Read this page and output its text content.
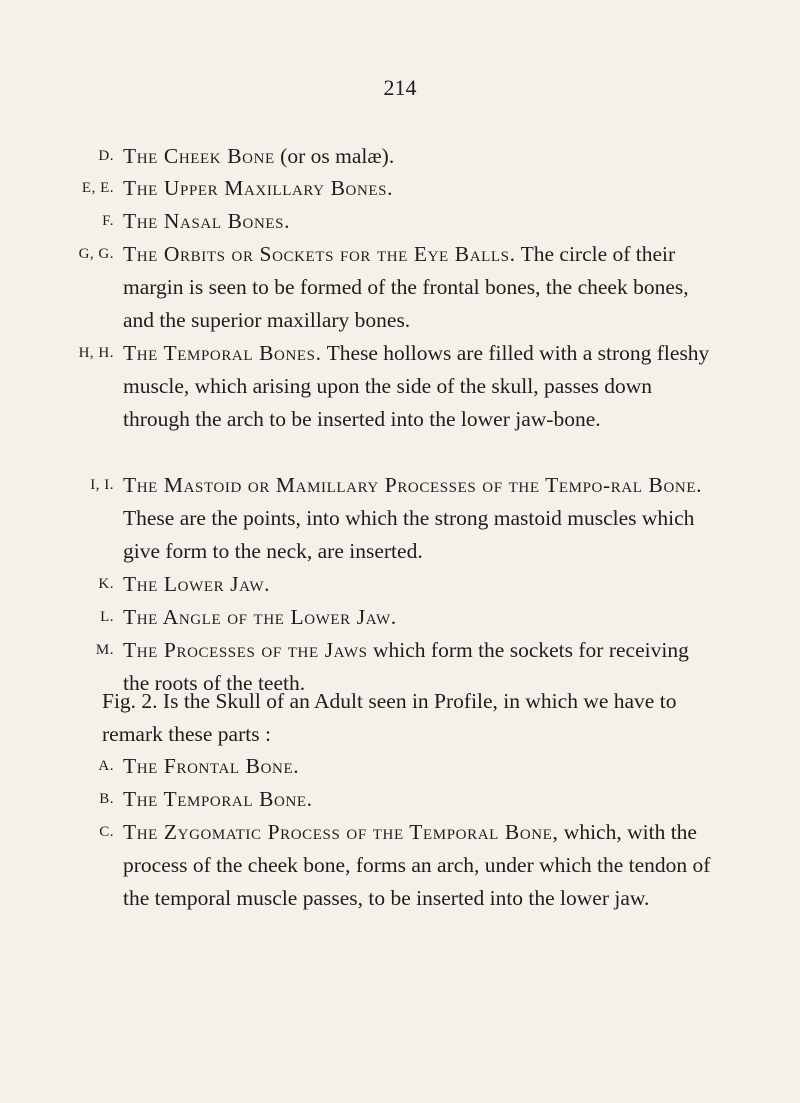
214
D. The Cheek Bone (or os malæ).
E, E. The Upper Maxillary Bones.
F. The Nasal Bones.
G, G. The Orbits or Sockets for the Eye Balls. The circle of their margin is seen to be formed of the frontal bones, the cheek bones, and the superior maxillary bones.
H, H. The Temporal Bones. These hollows are filled with a strong fleshy muscle, which arising upon the side of the skull, passes down through the arch to be inserted into the lower jaw-bone.
I, I. The Mastoid or Mamillary Processes of the Tempo-ral Bone. These are the points, into which the strong mastoid muscles which give form to the neck, are inserted.
K. The Lower Jaw.
L. The Angle of the Lower Jaw.
M. The Processes of the Jaws which form the sockets for receiving the roots of the teeth.
Fig. 2. Is the Skull of an Adult seen in Profile, in which we have to remark these parts :
A. The Frontal Bone.
B. The Temporal Bone.
C. The Zygomatic Process of the Temporal Bone, which, with the process of the cheek bone, forms an arch, under which the tendon of the temporal muscle passes, to be inserted into the lower jaw.
